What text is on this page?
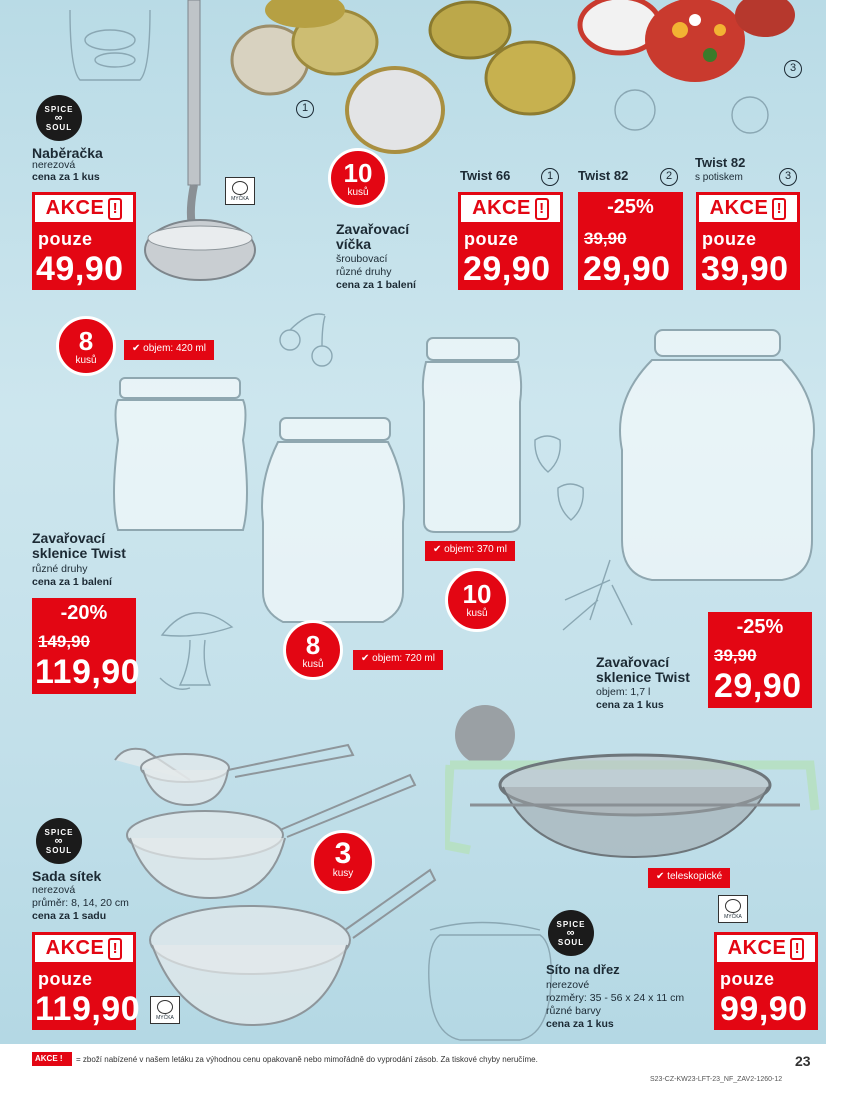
1
3
SPICE
∞
SOUL
Naběračka
nerezová
cena za 1 kus
MYČKA
AKCE !
pouze
49,90
10
kusů
Zavařovací
víčka
šroubovací
různé druhy
cena za 1 balení
Twist 66	1
AKCE !
pouze
29,90
Twist 82	2
-25%
39,90
29,90
Twist 82
s potiskem	3
AKCE !
pouze
39,90
8
kusů
✔ objem: 420 ml
8
kusů
✔ objem: 720 ml
✔ objem: 370 ml
10
kusů
Zavařovací
sklenice Twist
různé druhy
cena za 1 balení
-20%
149,90
119,90
-25%
39,90
29,90
Zavařovací
sklenice Twist
objem: 1,7 l
cena za 1 kus
3
kusy
SPICE
∞
SOUL
Sada sítek
nerezová
průměr: 8, 14, 20 cm
cena za 1 sadu
AKCE !
pouze
119,90	MYČKA
✔ teleskopické
MYČKA
SPICE
∞
SOUL
Síto na dřez
nerezové
rozměry: 35 - 56 x 24 x 11 cm
různé barvy
cena za 1 kus
AKCE !
pouze
99,90
AKCE !	= zboží nabízené v našem letáku za výhodnou cenu opakovaně nebo mimořádně do vyprodání zásob. Za tiskové chyby neručíme.	23
S23-CZ-KW23-LFT-23_NF_ZAV2-1260-12
